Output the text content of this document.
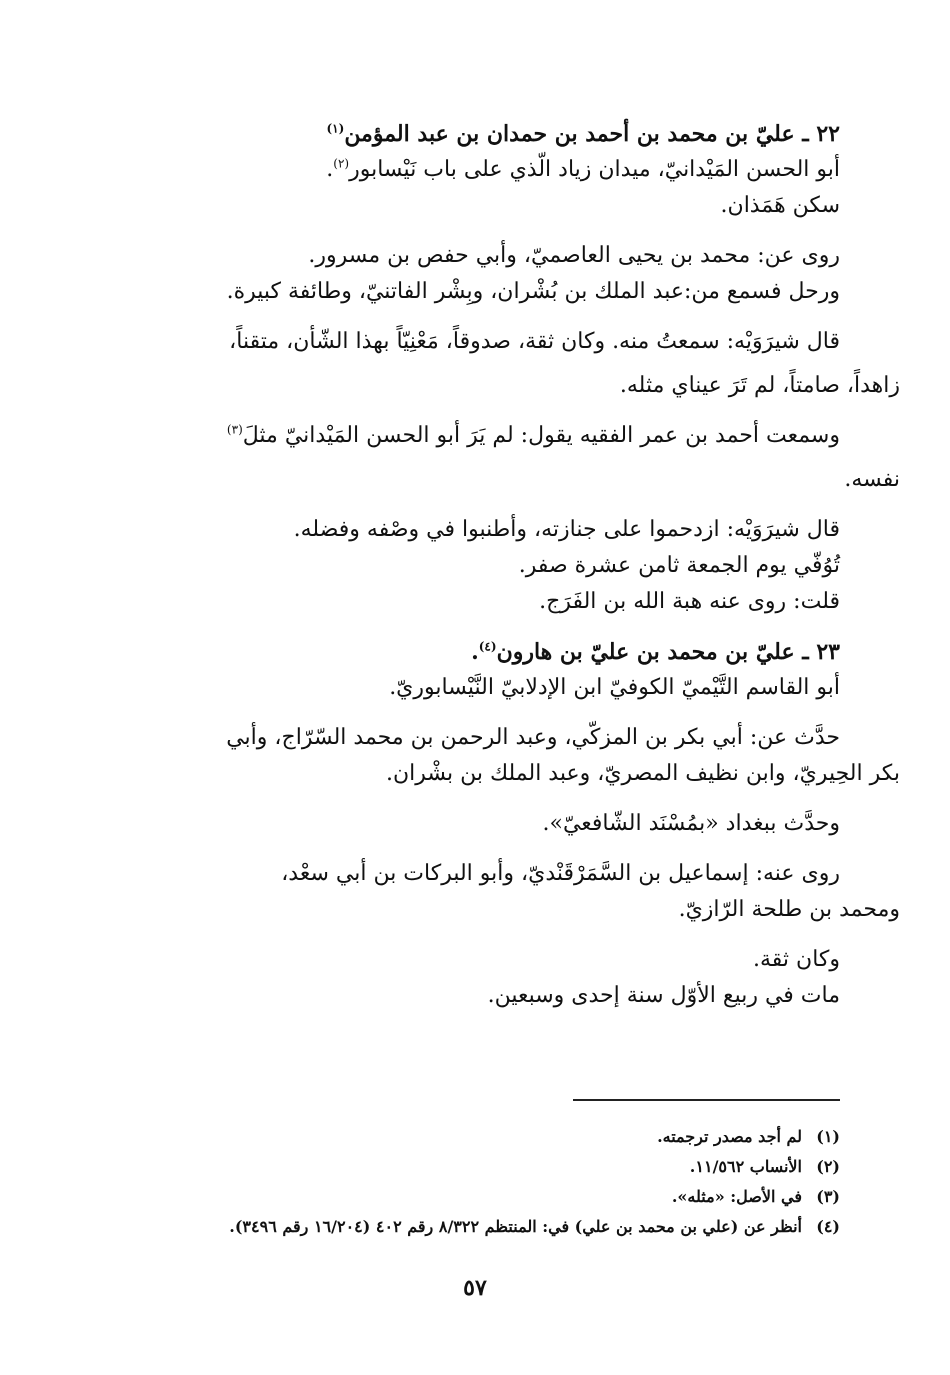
٢٢ ـ عليّ بن محمد بن أحمد بن حمدان بن عبد المؤمن$^{(١)}$
أبو الحسن المَيْدانيّ، ميدان زياد الّذي على باب نَيْسابور$^{(٢)}$.
سكن هَمَذان.
روى عن: محمد بن يحيى العاصميّ، وأبي حفص بن مسرور.
ورحل فسمع من:عبد الملك بن بُشْران، وبِشْر الفاتنيّ، وطائفة كبيرة.
قال شيرَوَيْه: سمعتُ منه. وكان ثقة، صدوقاً، مَعْنِيّاً بهذا الشّأن، متقناً،
زاهداً، صامتاً، لم تَرَ عيناي مثله.
وسمعت أحمد بن عمر الفقيه يقول: لم يَرَ أبو الحسن المَيْدانيّ مثلَ$^{(٣)}$
نفسه.
قال شيرَوَيْه: ازدحموا على جنازته، وأطنبوا في وصْفه وفضله.
تُوُفّي يوم الجمعة ثامن عشرة صفر.
قلت: روى عنه هبة الله بن الفَرَج.
٢٣ ـ عليّ بن محمد بن عليّ بن هارون$^{(٤)}$.
أبو القاسم التَّيْميّ الكوفيّ ابن الإدلابيّ النَّيْسابوريّ.
حدَّث عن: أبي بكر بن المزكّي، وعبد الرحمن بن محمد السّرّاج، وأبي
بكر الحِيريّ، وابن نظيف المصريّ، وعبد الملك بن بشْران.
وحدَّث ببغداد «بمُسْنَد الشّافعيّ».
روى عنه: إسماعيل بن السَّمَرْقَنْديّ، وأبو البركات بن أبي سعْد،
ومحمد بن طلحة الرّازيّ.
وكان ثقة.
مات في ربيع الأوّل سنة إحدى وسبعين.
(١)لم أجد مصدر ترجمته.
(٢)الأنساب ١١/٥٦٢.
(٣)في الأصل: «مثله».
(٤)أنظر عن (علي بن محمد بن علي) في: المنتظم ٨/٣٢٢ رقم ٤٠٢ (١٦/٢٠٤ رقم ٣٤٩٦).
٥٧
